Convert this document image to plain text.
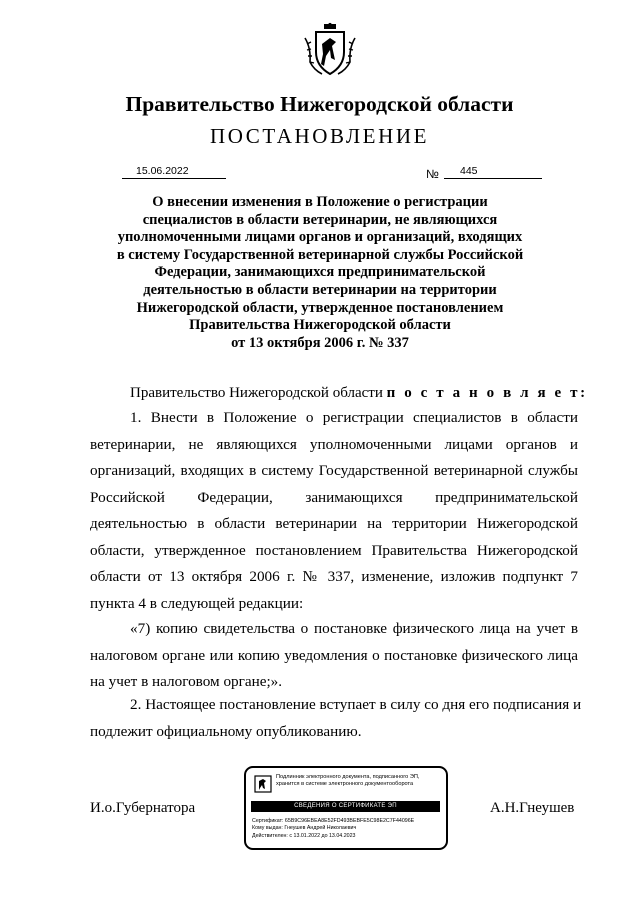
Правительство Нижегородской области
ПОСТАНОВЛЕНИЕ
15.06.2022	№	445
О внесении изменения в Положение о регистрации
специалистов в области ветеринарии, не являющихся
уполномоченными лицами органов и организаций, входящих
в систему Государственной ветеринарной службы Российской
Федерации, занимающихся предпринимательской
деятельностью в области ветеринарии на территории
Нижегородской области, утвержденное постановлением
Правительства Нижегородской области
от 13 октября 2006 г. № 337
Правительство Нижегородской области п о с т а н о в л я е т:
1. Внести в Положение о регистрации специалистов в области
ветеринарии, не являющихся уполномоченными лицами органов и
организаций, входящих в систему Государственной ветеринарной службы
Российской Федерации, занимающихся предпринимательской
деятельностью в области ветеринарии на территории Нижегородской
области, утвержденное постановлением Правительства Нижегородской
области от 13 октября 2006 г. № 337, изменение, изложив подпункт 7
пункта 4 в следующей редакции:
«7) копию свидетельства о постановке физического лица на учет в
налоговом органе или копию уведомления о постановке физического лица
на учет в налоговом органе;».
2. Настоящее постановление вступает в силу со дня его подписания и
подлежит официальному опубликованию.
И.о.Губернатора	А.Н.Гнеушев
Подлинник электронного документа, подписанного ЭП,
хранится в системе электронного документооборота
СВЕДЕНИЯ О СЕРТИФИКАТЕ ЭП
Сертификат: 65B9C96EBEA8E52FD493BEBFE5C98E2C7F44096E
Кому выдан: Гнеушев Андрей Николаевич
Действителен: с 13.01.2022 до 13.04.2023
